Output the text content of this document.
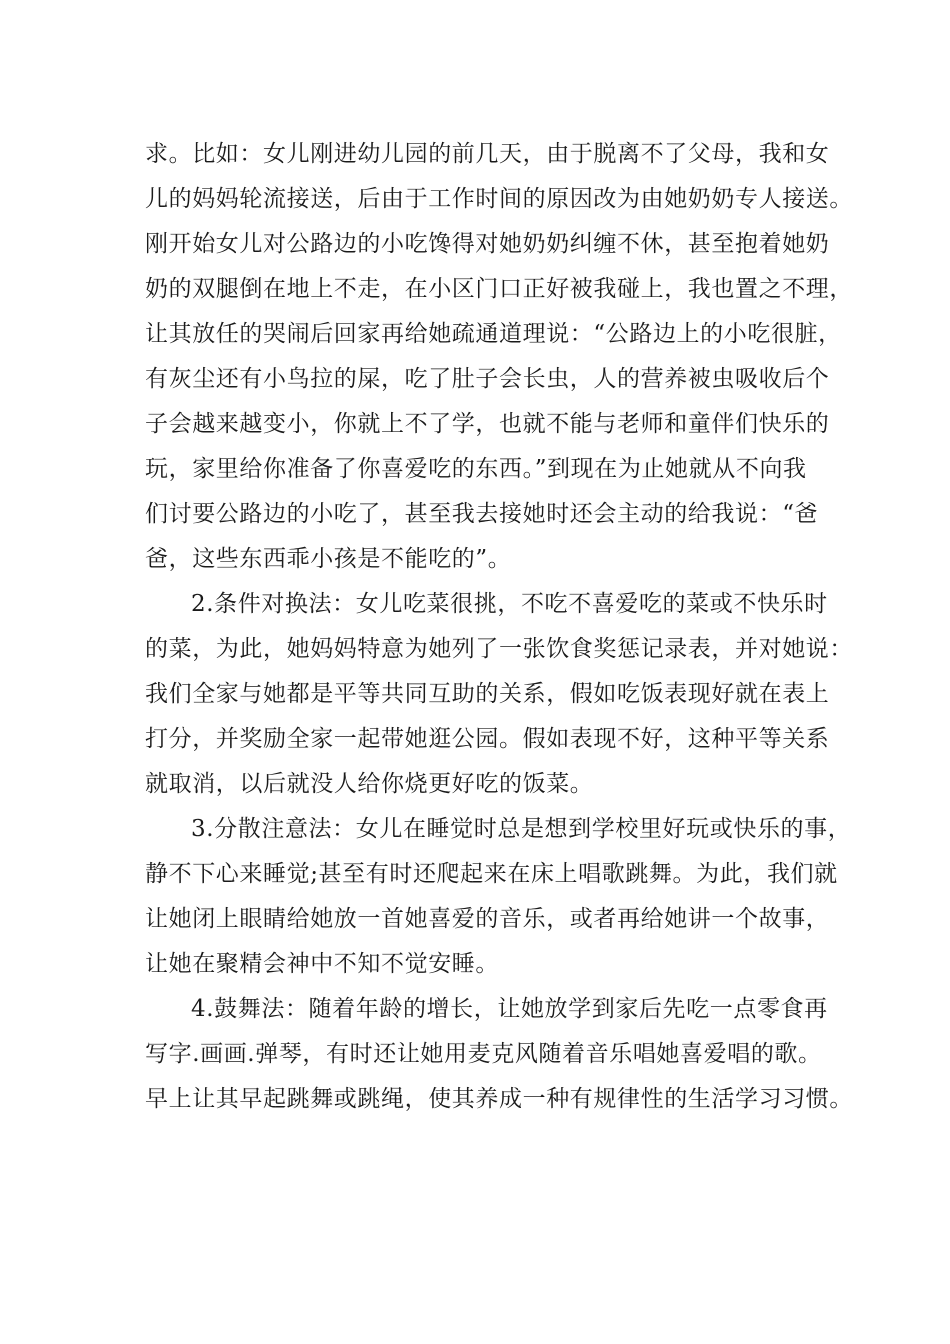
求。比如：女儿刚进幼儿园的前几天，由于脱离不了父母，我和女
儿的妈妈轮流接送，后由于工作时间的原因改为由她奶奶专人接送。
刚开始女儿对公路边的小吃馋得对她奶奶纠缠不休，甚至抱着她奶
奶的双腿倒在地上不走，在小区门口正好被我碰上，我也置之不理，
让其放任的哭闹后回家再给她疏通道理说：“公路边上的小吃很脏，
有灰尘还有小鸟拉的屎，吃了肚子会长虫，人的营养被虫吸收后个
子会越来越变小，你就上不了学，也就不能与老师和童伴们快乐的
玩，家里给你准备了你喜爱吃的东西。”到现在为止她就从不向我
们讨要公路边的小吃了，甚至我去接她时还会主动的给我说：“爸
爸，这些东西乖小孩是不能吃的”。
2.条件对换法：女儿吃菜很挑，不吃不喜爱吃的菜或不快乐时
的菜，为此，她妈妈特意为她列了一张饮食奖惩记录表，并对她说：
我们全家与她都是平等共同互助的关系，假如吃饭表现好就在表上
打分，并奖励全家一起带她逛公园。假如表现不好，这种平等关系
就取消，以后就没人给你烧更好吃的饭菜。
3.分散注意法：女儿在睡觉时总是想到学校里好玩或快乐的事，
静不下心来睡觉;甚至有时还爬起来在床上唱歌跳舞。为此，我们就
让她闭上眼睛给她放一首她喜爱的音乐，或者再给她讲一个故事，
让她在聚精会神中不知不觉安睡。
4.鼓舞法：随着年龄的增长，让她放学到家后先吃一点零食再
写字.画画.弹琴，有时还让她用麦克风随着音乐唱她喜爱唱的歌。
早上让其早起跳舞或跳绳，使其养成一种有规律性的生活学习习惯。
